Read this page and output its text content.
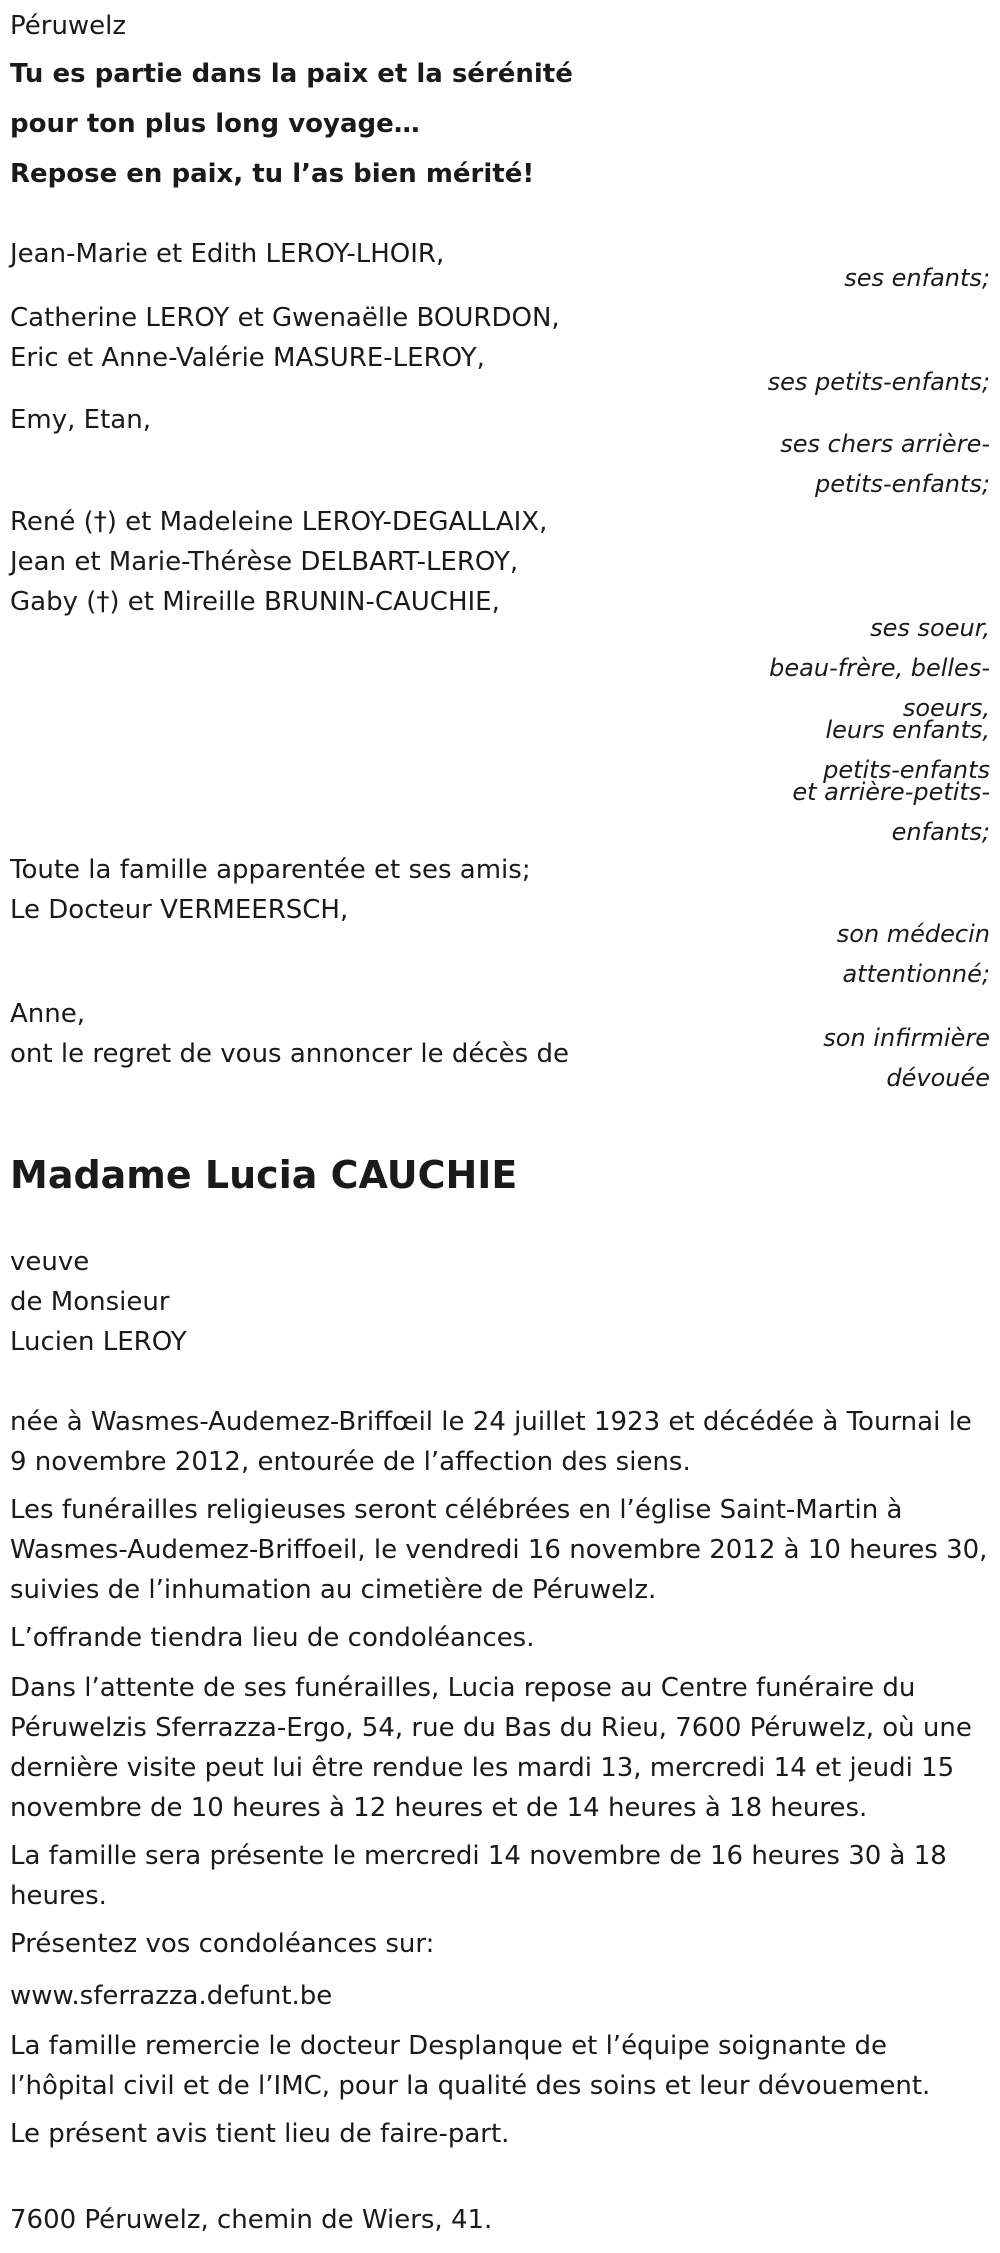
Péruwelz
Tu es partie dans la paix et la sérénité
pour ton plus long voyage…
Repose en paix, tu l’as bien mérité!
Jean-Marie et Edith LEROY-LHOIR,
ses enfants;
Catherine LEROY et Gwenaëlle BOURDON,
Eric et Anne-Valérie MASURE-LEROY,
ses petits-enfants;
Emy, Etan,
ses chers arrière-
petits-enfants;
René (†) et Madeleine LEROY-DEGALLAIX,
Jean et Marie-Thérèse DELBART-LEROY,
Gaby (†) et Mireille BRUNIN-CAUCHIE,
ses soeur,
beau-frère, belles-
soeurs,
leurs enfants,
petits-enfants
et arrière-petits-
enfants;
Toute la famille apparentée et ses amis;
Le Docteur VERMEERSCH,
son médecin
attentionné;
Anne,
son infirmière
dévouée
ont le regret de vous annoncer le décès de
Madame Lucia CAUCHIE
veuve
de Monsieur
Lucien LEROY
née à Wasmes-Audemez-Briffœil le 24 juillet 1923 et décédée à Tournai le 9 novembre 2012, entourée de l’affection des siens.
Les funérailles religieuses seront célébrées en l’église Saint-Martin à Wasmes-Audemez-Briffoeil, le vendredi 16 novembre 2012 à 10 heures 30, suivies de l’inhumation au cimetière de Péruwelz.
L’offrande tiendra lieu de condoléances.
Dans l’attente de ses funérailles, Lucia repose au Centre funéraire du Péruwelzis Sferrazza-Ergo, 54, rue du Bas du Rieu, 7600 Péruwelz, où une dernière visite peut lui être rendue les mardi 13, mercredi 14 et jeudi 15 novembre de 10 heures à 12 heures et de 14 heures à 18 heures.
La famille sera présente le mercredi 14 novembre de 16 heures 30 à 18 heures.
Présentez vos condoléances sur:
www.sferrazza.defunt.be
La famille remercie le docteur Desplanque et l’équipe soignante de l’hôpital civil et de l’IMC, pour la qualité des soins et leur dévouement.
Le présent avis tient lieu de faire-part.
7600 Péruwelz, chemin de Wiers, 41.
